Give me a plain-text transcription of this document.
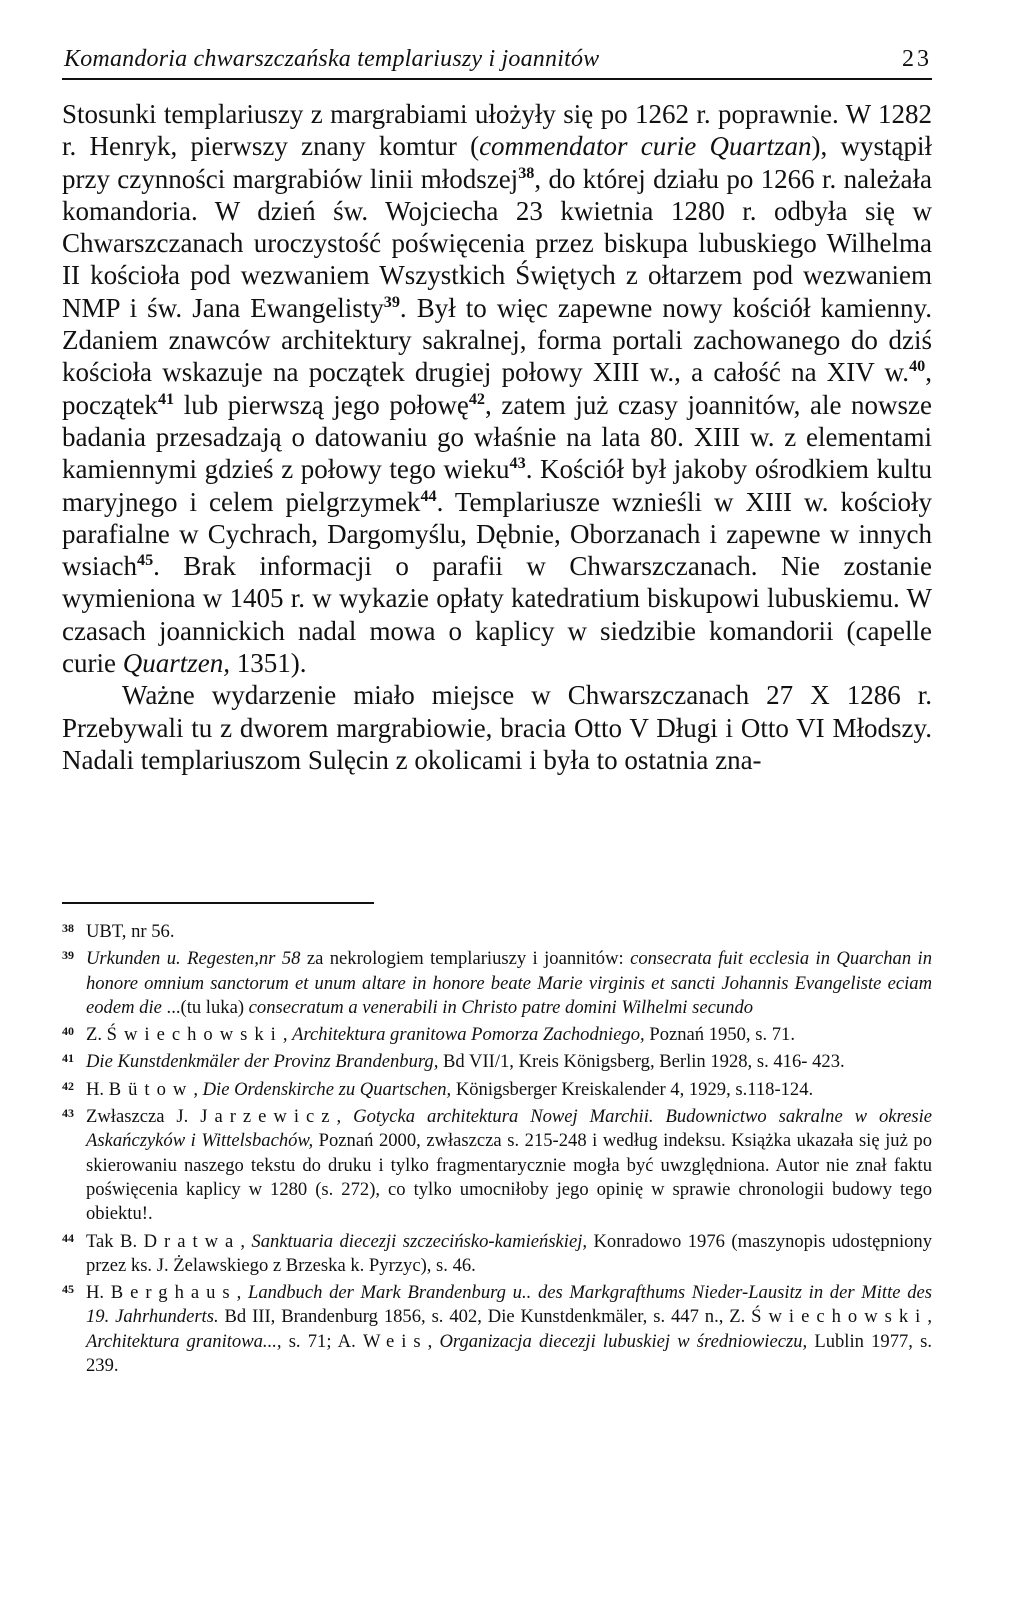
Komandoria chwarszczańska templariuszy i joannitów	23

Stosunki templariuszy z margrabiami ułożyły się po 1262 r. poprawnie. W 1282 r. Henryk, pierwszy znany komtur (commendator curie Quartzan), wystąpił przy czynności margrabiów linii młodszej$^{38}$, do której działu po 1266 r. należała komandoria. W dzień św. Wojciecha 23 kwietnia 1280 r. odbyła się w Chwarszczanach uroczystość poświęcenia przez biskupa lubuskiego Wilhelma II kościoła pod wezwaniem Wszystkich Świętych z ołtarzem pod wezwaniem NMP i św. Jana Ewangelisty$^{39}$. Był to więc zapewne nowy kościół kamienny. Zdaniem znawców architektury sakralnej, forma portali zachowanego do dziś kościoła wskazuje na początek drugiej połowy XIII w., a całość na XIV w.$^{40}$, początek$^{41}$ lub pierwszą jego połowę$^{42}$, zatem już czasy joannitów, ale nowsze badania przesadzają o datowaniu go właśnie na lata 80. XIII w. z elementami kamiennymi gdzieś z połowy tego wieku$^{43}$. Kościół był jakoby ośrodkiem kultu maryjnego i celem pielgrzymek$^{44}$. Templariusze wznieśli w XIII w. kościoły parafialne w Cychrach, Dargomyślu, Dębnie, Oborzanach i zapewne w innych wsiach$^{45}$. Brak informacji o parafii w Chwarszczanach. Nie zostanie wymieniona w 1405 r. w wykazie opłaty katedratium biskupowi lubuskiemu. W czasach joannickich nadal mowa o kaplicy w siedzibie komandorii (capelle curie Quartzen, 1351).

Ważne wydarzenie miało miejsce w Chwarszczanach 27 X 1286 r. Przebywali tu z dworem margrabiowie, bracia Otto V Długi i Otto VI Młodszy. Nadali templariuszom Sulęcin z okolicami i była to ostatnia zna-

38 UBT, nr 56.
39 Urkunden u. Regesten,nr 58 za nekrologiem templariuszy i joannitów: consecrata fuit ecclesia in Quarchan in honore omnium sanctorum et unum altare in honore beate Marie virginis et sancti Johannis Evangeliste eciam eodem die ...(tu luka) consecratum a venerabili in Christo patre domini Wilhelmi secundo
40 Z. Świechowski, Architektura granitowa Pomorza Zachodniego, Poznań 1950, s. 71.
41 Die Kunstdenkmäler der Provinz Brandenburg, Bd VII/1, Kreis Königsberg, Berlin 1928, s. 416- 423.
42 H. Bütow, Die Ordenskirche zu Quartschen, Königsberger Kreiskalender 4, 1929, s.118-124.
43 Zwłaszcza J. Jarzewicz, Gotycka architektura Nowej Marchii. Budownictwo sakralne w okresie Askańczyków i Wittelsbachów, Poznań 2000, zwłaszcza s. 215-248 i według indeksu. Książka ukazała się już po skierowaniu naszego tekstu do druku i tylko fragmentarycznie mogła być uwzględniona. Autor nie znał faktu poświęcenia kaplicy w 1280 (s. 272), co tylko umocniłoby jego opinię w sprawie chronologii budowy tego obiektu!.
44 Tak B. Dratwa, Sanktuaria diecezji szczecińsko-kamieńskiej, Konradowo 1976 (maszynopis udostępniony przez ks. J. Żelawskiego z Brzeska k. Pyrzyc), s. 46.
45 H. Berghaus, Landbuch der Mark Brandenburg u.. des Markgrafthums Nieder-Lausitz in der Mitte des 19. Jahrhunderts. Bd III, Brandenburg 1856, s. 402, Die Kunstdenkmäler, s. 447 n., Z. Świechowski, Architektura granitowa..., s. 71; A. Weis, Organizacja diecezji lubuskiej w średniowieczu, Lublin 1977, s. 239.
